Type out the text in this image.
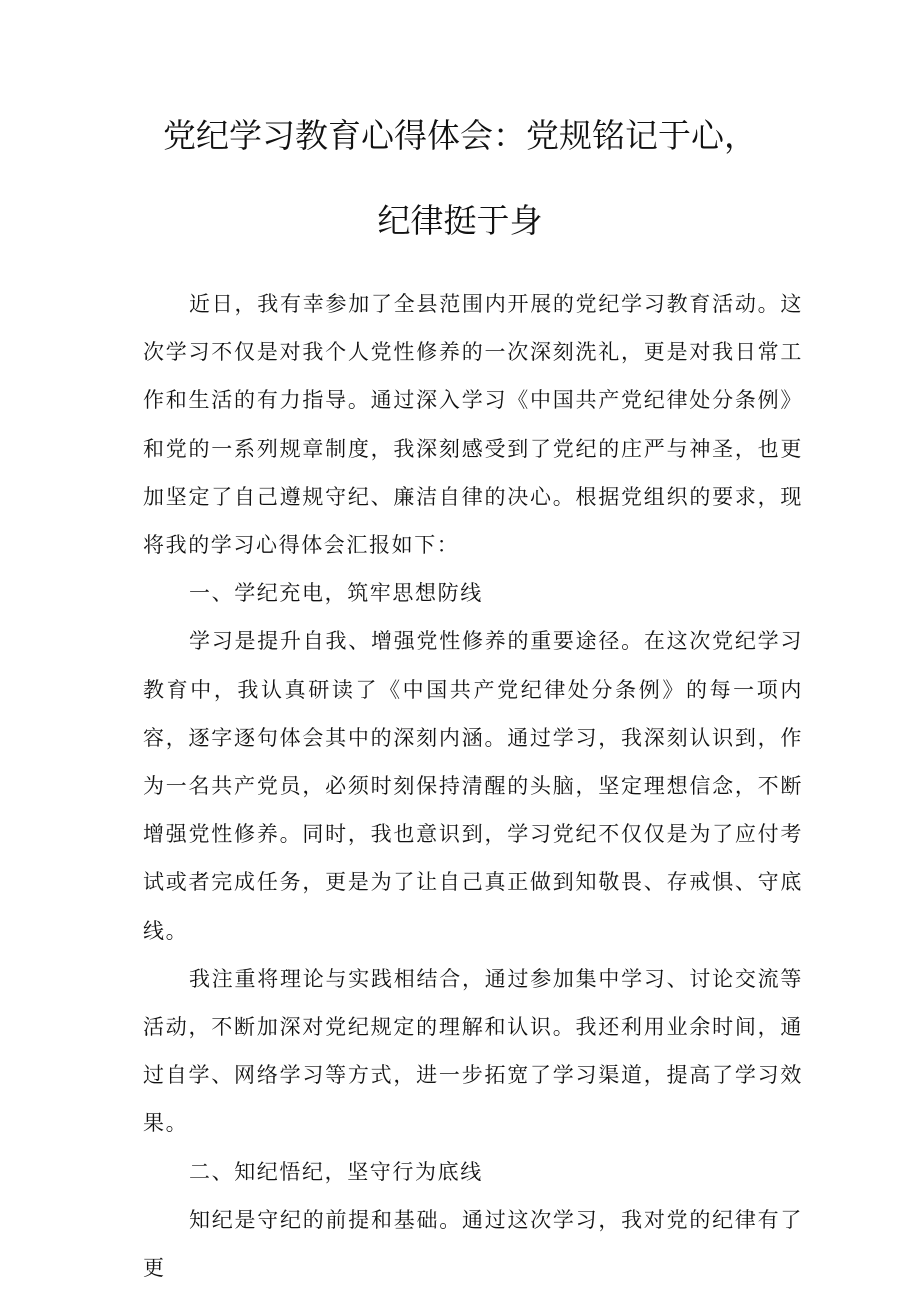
党纪学习教育心得体会：党规铭记于心，
纪律挺于身

近日，我有幸参加了全县范围内开展的党纪学习教育活动。这次学习不仅是对我个人党性修养的一次深刻洗礼，更是对我日常工作和生活的有力指导。通过深入学习《中国共产党纪律处分条例》和党的一系列规章制度，我深刻感受到了党纪的庄严与神圣，也更加坚定了自己遵规守纪、廉洁自律的决心。根据党组织的要求，现将我的学习心得体会汇报如下：

一、学纪充电，筑牢思想防线

学习是提升自我、增强党性修养的重要途径。在这次党纪学习教育中，我认真研读了《中国共产党纪律处分条例》的每一项内容，逐字逐句体会其中的深刻内涵。通过学习，我深刻认识到，作为一名共产党员，必须时刻保持清醒的头脑，坚定理想信念，不断增强党性修养。同时，我也意识到，学习党纪不仅仅是为了应付考试或者完成任务，更是为了让自己真正做到知敬畏、存戒惧、守底线。

我注重将理论与实践相结合，通过参加集中学习、讨论交流等活动，不断加深对党纪规定的理解和认识。我还利用业余时间，通过自学、网络学习等方式，进一步拓宽了学习渠道，提高了学习效果。

二、知纪悟纪，坚守行为底线

知纪是守纪的前提和基础。通过这次学习，我对党的纪律有了更
